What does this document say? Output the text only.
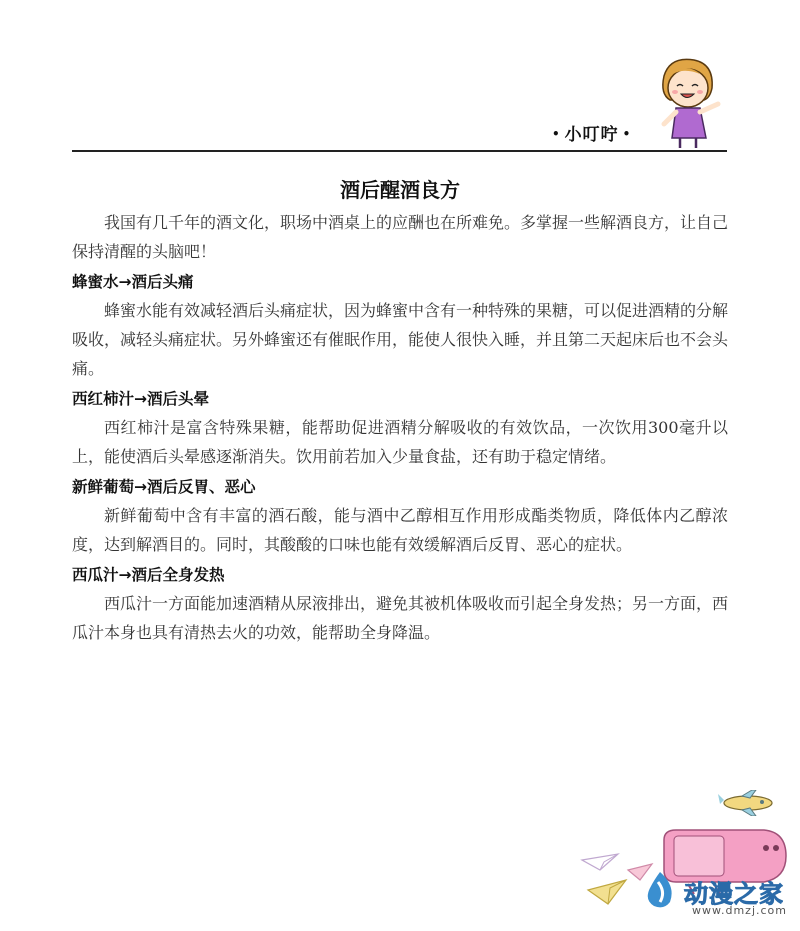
• 小叮咛 •
酒后醒酒良方

我国有几千年的酒文化，职场中酒桌上的应酬也在所难免。多掌握一些解酒良方，让自己保持清醒的头脑吧！

蜂蜜水→酒后头痛

蜂蜜水能有效减轻酒后头痛症状，因为蜂蜜中含有一种特殊的果糖，可以促进酒精的分解吸收，减轻头痛症状。另外蜂蜜还有催眠作用，能使人很快入睡，并且第二天起床后也不会头痛。

西红柿汁→酒后头晕

西红柿汁是富含特殊果糖，能帮助促进酒精分解吸收的有效饮品，一次饮用300毫升以上，能使酒后头晕感逐渐消失。饮用前若加入少量食盐，还有助于稳定情绪。

新鲜葡萄→酒后反胃、恶心

新鲜葡萄中含有丰富的酒石酸，能与酒中乙醇相互作用形成酯类物质，降低体内乙醇浓度，达到解酒目的。同时，其酸酸的口味也能有效缓解酒后反胃、恶心的症状。

西瓜汁→酒后全身发热

西瓜汁一方面能加速酒精从尿液排出，避免其被机体吸收而引起全身发热；另一方面，西瓜汁本身也具有清热去火的功效，能帮助全身降温。

动漫之家
www.dmzj.com
